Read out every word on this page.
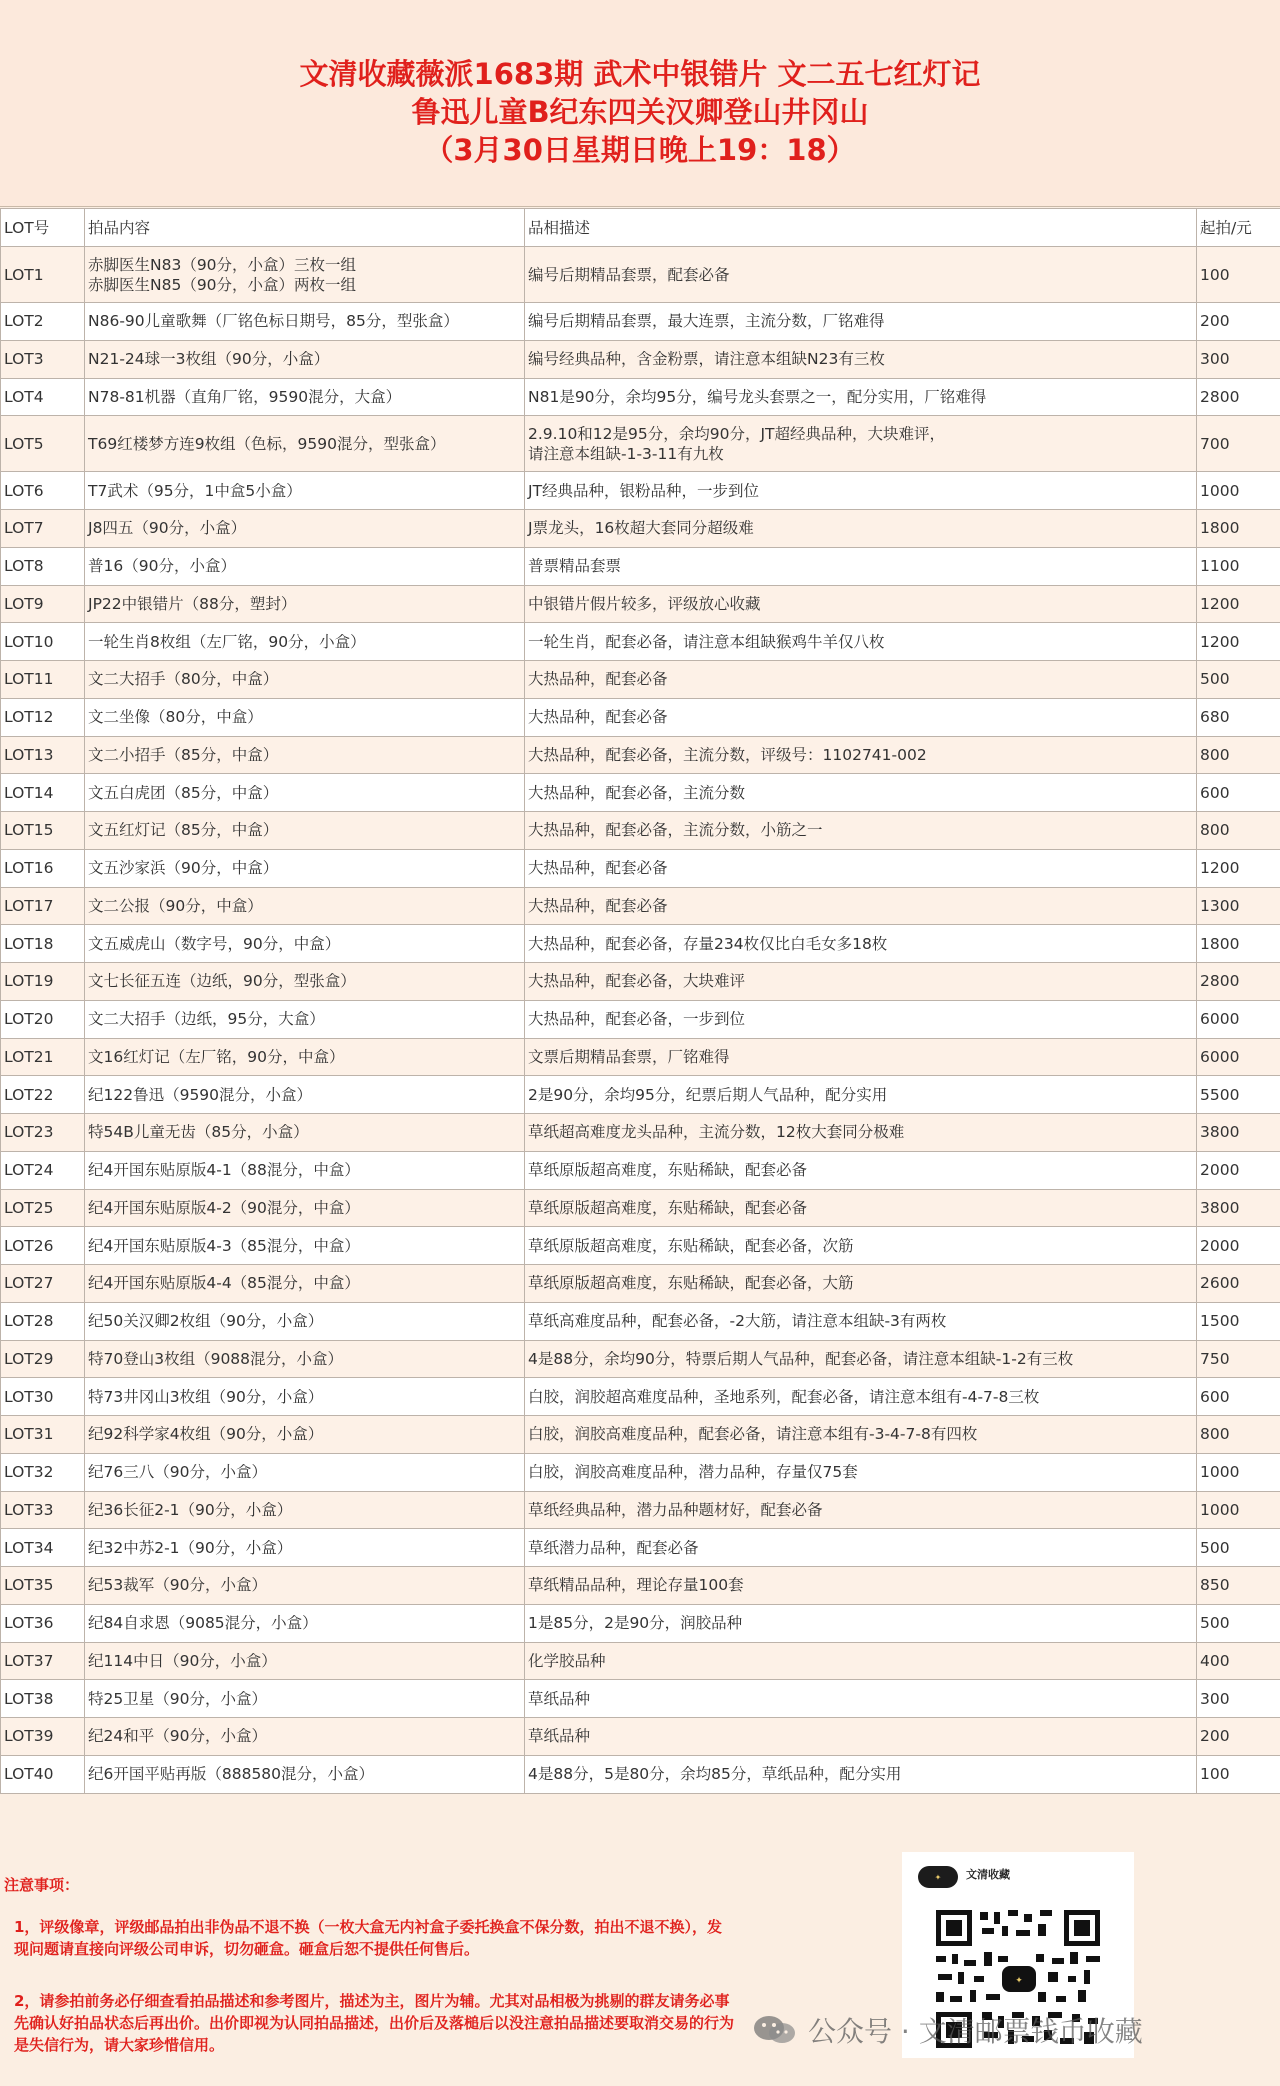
文清收藏薇派1683期 武术中银错片 文二五七红灯记
鲁迅儿童B纪东四关汉卿登山井冈山
（3月30日星期日晚上19：18）
LOT号	拍品内容	品相描述	起拍/元
LOT1	赤脚医生N83（90分，小盒）三枚一组
赤脚医生N85（90分，小盒）两枚一组	编号后期精品套票，配套必备	100
LOT2	N86-90儿童歌舞（厂铭色标日期号，85分，型张盒）	编号后期精品套票，最大连票，主流分数，厂铭难得	200
LOT3	N21-24球一3枚组（90分，小盒）	编号经典品种，含金粉票，请注意本组缺N23有三枚	300
LOT4	N78-81机器（直角厂铭，9590混分，大盒）	N81是90分，余均95分，编号龙头套票之一，配分实用，厂铭难得	2800
LOT5	T69红楼梦方连9枚组（色标，9590混分，型张盒）	2.9.10和12是95分，余均90分，JT超经典品种，大块难评，
请注意本组缺-1-3-11有九枚	700
LOT6	T7武术（95分，1中盒5小盒）	JT经典品种，银粉品种，一步到位	1000
LOT7	J8四五（90分，小盒）	J票龙头，16枚超大套同分超级难	1800
LOT8	普16（90分，小盒）	普票精品套票	1100
LOT9	JP22中银错片（88分，塑封）	中银错片假片较多，评级放心收藏	1200
LOT10	一轮生肖8枚组（左厂铭，90分，小盒）	一轮生肖，配套必备，请注意本组缺猴鸡牛羊仅八枚	1200
LOT11	文二大招手（80分，中盒）	大热品种，配套必备	500
LOT12	文二坐像（80分，中盒）	大热品种，配套必备	680
LOT13	文二小招手（85分，中盒）	大热品种，配套必备，主流分数，评级号：1102741-002	800
LOT14	文五白虎团（85分，中盒）	大热品种，配套必备，主流分数	600
LOT15	文五红灯记（85分，中盒）	大热品种，配套必备，主流分数，小筋之一	800
LOT16	文五沙家浜（90分，中盒）	大热品种，配套必备	1200
LOT17	文二公报（90分，中盒）	大热品种，配套必备	1300
LOT18	文五威虎山（数字号，90分，中盒）	大热品种，配套必备，存量234枚仅比白毛女多18枚	1800
LOT19	文七长征五连（边纸，90分，型张盒）	大热品种，配套必备，大块难评	2800
LOT20	文二大招手（边纸，95分，大盒）	大热品种，配套必备，一步到位	6000
LOT21	文16红灯记（左厂铭，90分，中盒）	文票后期精品套票，厂铭难得	6000
LOT22	纪122鲁迅（9590混分，小盒）	2是90分，余均95分，纪票后期人气品种，配分实用	5500
LOT23	特54B儿童无齿（85分，小盒）	草纸超高难度龙头品种，主流分数，12枚大套同分极难	3800
LOT24	纪4开国东贴原版4-1（88混分，中盒）	草纸原版超高难度，东贴稀缺，配套必备	2000
LOT25	纪4开国东贴原版4-2（90混分，中盒）	草纸原版超高难度，东贴稀缺，配套必备	3800
LOT26	纪4开国东贴原版4-3（85混分，中盒）	草纸原版超高难度，东贴稀缺，配套必备，次筋	2000
LOT27	纪4开国东贴原版4-4（85混分，中盒）	草纸原版超高难度，东贴稀缺，配套必备，大筋	2600
LOT28	纪50关汉卿2枚组（90分，小盒）	草纸高难度品种，配套必备，-2大筋，请注意本组缺-3有两枚	1500
LOT29	特70登山3枚组（9088混分，小盒）	4是88分，余均90分，特票后期人气品种，配套必备，请注意本组缺-1-2有三枚	750
LOT30	特73井冈山3枚组（90分，小盒）	白胶，润胶超高难度品种，圣地系列，配套必备，请注意本组有-4-7-8三枚	600
LOT31	纪92科学家4枚组（90分，小盒）	白胶，润胶高难度品种，配套必备，请注意本组有-3-4-7-8有四枚	800
LOT32	纪76三八（90分，小盒）	白胶，润胶高难度品种，潜力品种，存量仅75套	1000
LOT33	纪36长征2-1（90分，小盒）	草纸经典品种，潜力品种题材好，配套必备	1000
LOT34	纪32中苏2-1（90分，小盒）	草纸潜力品种，配套必备	500
LOT35	纪53裁军（90分，小盒）	草纸精品品种，理论存量100套	850
LOT36	纪84自求恩（9085混分，小盒）	1是85分，2是90分，润胶品种	500
LOT37	纪114中日（90分，小盒）	化学胶品种	400
LOT38	特25卫星（90分，小盒）	草纸品种	300
LOT39	纪24和平（90分，小盒）	草纸品种	200
LOT40	纪6开国平贴再版（888580混分，小盒）	4是88分，5是80分，余均85分，草纸品种，配分实用	100
注意事项：
1，评级像章，评级邮品拍出非伪品不退不换（一枚大盒无内衬盒子委托换盒不保分数，拍出不退不换），发现问题请直接向评级公司申诉，切勿砸盒。砸盒后恕不提供任何售后。
2，请参拍前务必仔细查看拍品描述和参考图片，描述为主，图片为辅。尤其对品相极为挑剔的群友请务必事先确认好拍品状态后再出价。出价即视为认同拍品描述，出价后及落槌后以没注意拍品描述要取消交易的行为是失信行为，请大家珍惜信用。
✦	文清收藏
✦
公众号 · 文清邮票钱币收藏
